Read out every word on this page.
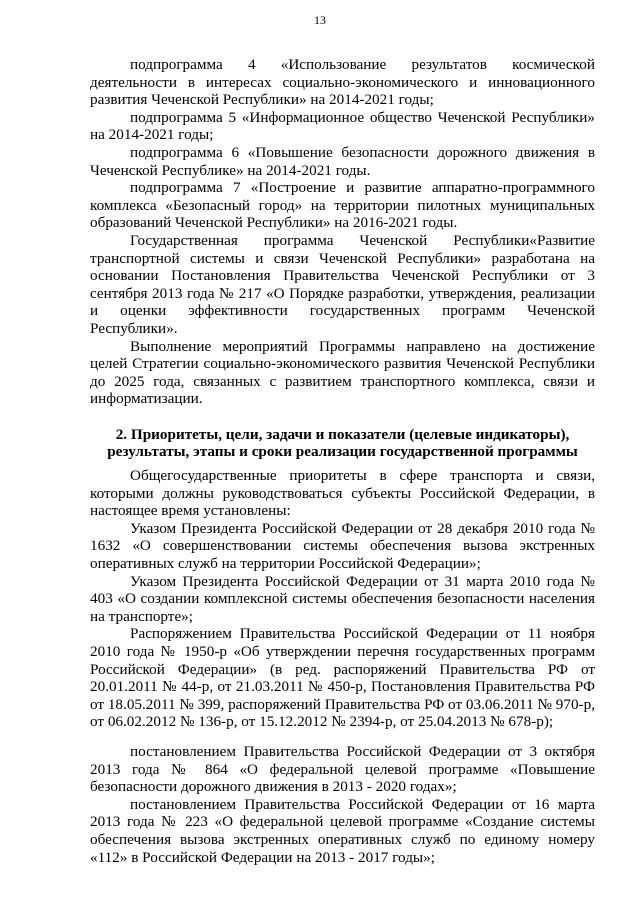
13

подпрограмма 4 «Использование результатов космической деятельности в интересах социально-экономического и инновационного развития Чеченской Республики» на 2014-2021 годы;

подпрограмма 5 «Информационное общество Чеченской Республики» на 2014-2021 годы;

подпрограмма 6 «Повышение безопасности дорожного движения в Чеченской Республике» на 2014-2021 годы.

подпрограмма 7 «Построение и развитие аппаратно-программного комплекса «Безопасный город» на территории пилотных муниципальных образований Чеченской Республики» на 2016-2021 годы.

Государственная программа Чеченской Республики«Развитие транспортной системы и связи Чеченской Республики» разработана на основании Постановления Правительства Чеченской Республики от 3 сентября 2013 года № 217 «О Порядке разработки, утверждения, реализации и оценки эффективности государственных программ Чеченской Республики».

Выполнение мероприятий Программы направлено на достижение целей Стратегии социально-экономического развития Чеченской Республики до 2025 года, связанных с развитием транспортного комплекса, связи и информатизации.

2. Приоритеты, цели, задачи и показатели (целевые индикаторы), результаты, этапы и сроки реализации государственной программы

Общегосударственные приоритеты в сфере транспорта и связи, которыми должны руководствоваться субъекты Российской Федерации, в настоящее время установлены:

Указом Президента Российской Федерации от 28 декабря 2010 года № 1632 «О совершенствовании системы обеспечения вызова экстренных оперативных служб на территории Российской Федерации»;

Указом Президента Российской Федерации от 31 марта 2010 года № 403 «О создании комплексной системы обеспечения безопасности населения на транспорте»;

Распоряжением Правительства Российской Федерации от 11 ноября 2010 года № 1950-р «Об утверждении перечня государственных программ Российской Федерации» (в ред. распоряжений Правительства РФ от 20.01.2011 № 44-р, от 21.03.2011 № 450-р, Постановления Правительства РФ от 18.05.2011 № 399, распоряжений Правительства РФ от 03.06.2011 № 970-р, от 06.02.2012 № 136-р, от 15.12.2012 № 2394-р, от 25.04.2013 № 678-р);

постановлением Правительства Российской Федерации от 3 октября 2013 года № 864 «О федеральной целевой программе «Повышение безопасности дорожного движения в 2013 - 2020 годах»;

постановлением Правительства Российской Федерации от 16 марта 2013 года № 223 «О федеральной целевой программе «Создание системы обеспечения вызова экстренных оперативных служб по единому номеру «112» в Российской Федерации на 2013 - 2017 годы»;
